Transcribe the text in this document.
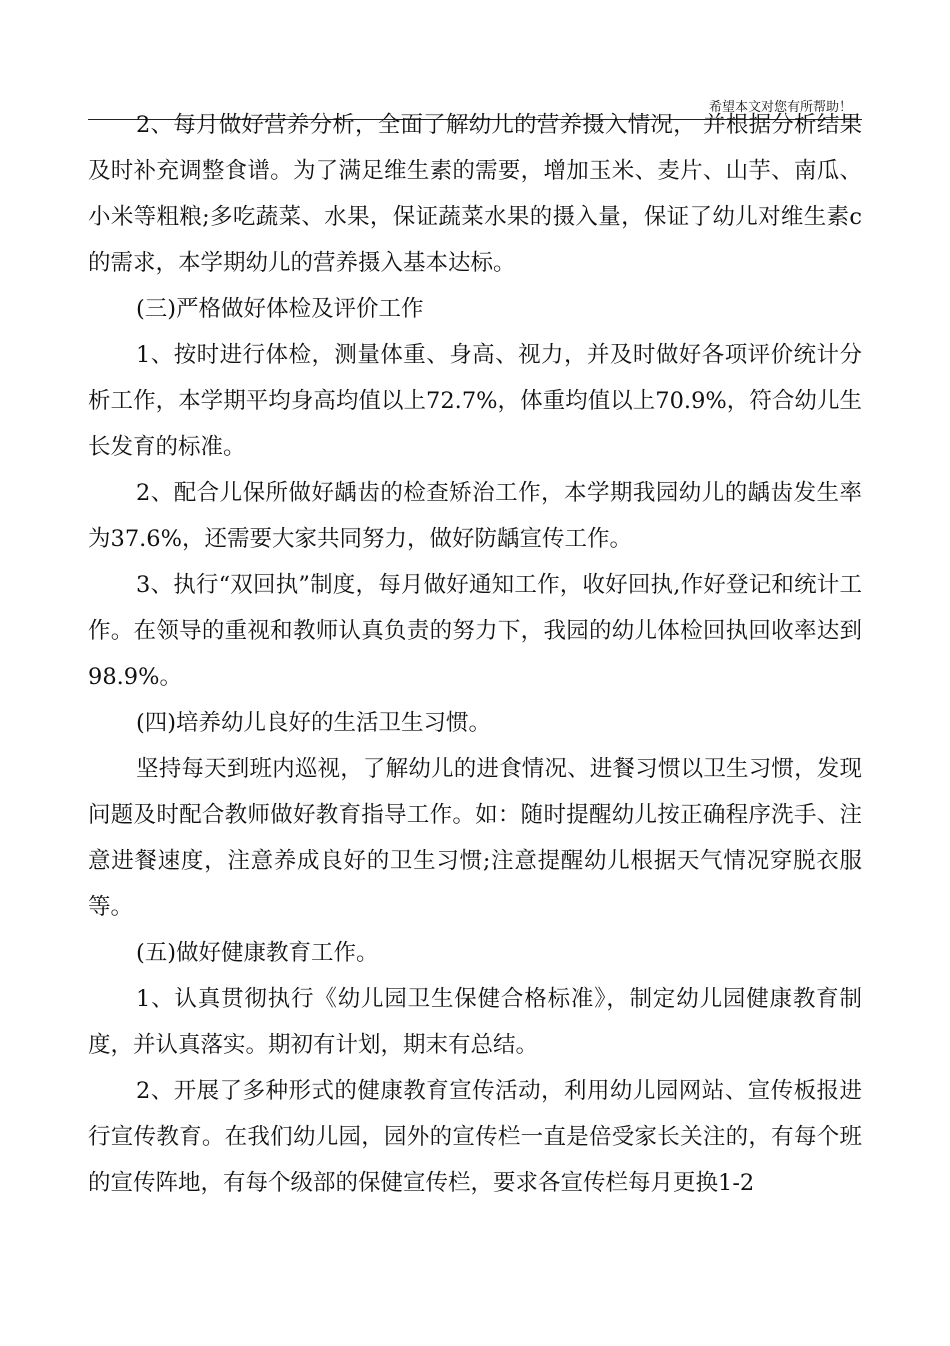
希望本文对您有所帮助！

2、每月做好营养分析，全面了解幼儿的营养摄入情况， 并根据分析结果及时补充调整食谱。为了满足维生素的需要，增加玉米、麦片、山芋、南瓜、小米等粗粮;多吃蔬菜、水果，保证蔬菜水果的摄入量，保证了幼儿对维生素c的需求，本学期幼儿的营养摄入基本达标。

(三)严格做好体检及评价工作

1、按时进行体检，测量体重、身高、视力，并及时做好各项评价统计分析工作，本学期平均身高均值以上72.7%，体重均值以上70.9%，符合幼儿生长发育的标准。

2、配合儿保所做好龋齿的检查矫治工作，本学期我园幼儿的龋齿发生率为37.6%，还需要大家共同努力，做好防龋宣传工作。

3、执行“双回执”制度，每月做好通知工作，收好回执,作好登记和统计工作。在领导的重视和教师认真负责的努力下，我园的幼儿体检回执回收率达到 98.9%。

(四)培养幼儿良好的生活卫生习惯。

坚持每天到班内巡视，了解幼儿的进食情况、进餐习惯以卫生习惯，发现问题及时配合教师做好教育指导工作。如：随时提醒幼儿按正确程序洗手、注意进餐速度，注意养成良好的卫生习惯;注意提醒幼儿根据天气情况穿脱衣服等。

(五)做好健康教育工作。

1、认真贯彻执行《幼儿园卫生保健合格标准》，制定幼儿园健康教育制度，并认真落实。期初有计划，期末有总结。

2、开展了多种形式的健康教育宣传活动，利用幼儿园网站、宣传板报进行宣传教育。在我们幼儿园，园外的宣传栏一直是倍受家长关注的，有每个班的宣传阵地，有每个级部的保健宣传栏，要求各宣传栏每月更换1-2
